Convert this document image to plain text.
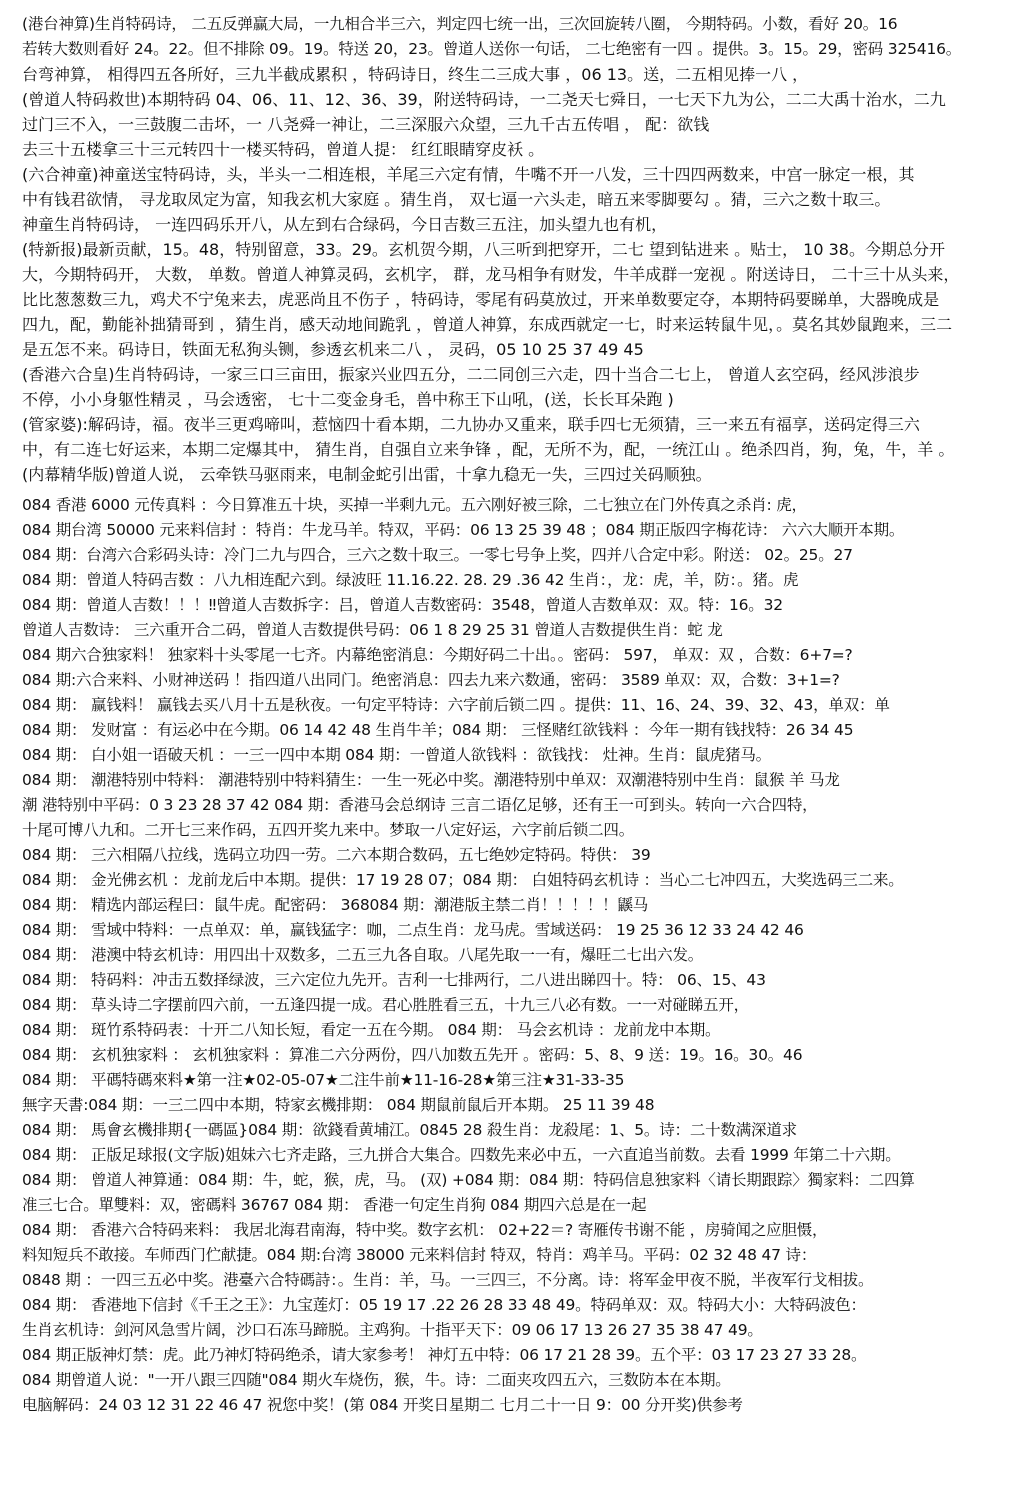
(港台神算)生肖特码诗， 二五反弹赢大局，一九相合半三六，判定四七统一出，三次回旋转八圈， 今期特码。小数，看好 20。16

若转大数则看好 24。22。但不排除 09。19。特送 20，23。曾道人送你一句话， 二七绝密有一四 。提供。3。15。29，密码 325416。

台弯神算， 相得四五各所好，三九半截成累积 ，特码诗日，终生二三成大事 ，06 13。送，二五相见捧一八 ，

(曾道人特码救世)本期特码 04、06、11、12、36、39，附送特码诗，一二尧天七舜日，一七天下九为公，二二大禹十治水，二九

过门三不入，一三鼓腹二击坏，一 八尧舜一神让，二三深服六众望，三九千古五传唱 ， 配：欲钱

去三十五楼拿三十三元转四十一楼买特码，曾道人提： 红红眼睛穿皮袄 。

(六合神童)神童送宝特码诗，头，半头一二相连根，羊尾三六定有情，牛嘴不开一八发，三十四四两数来，中宫一脉定一根，其

中有钱君欲情， 寻龙取凤定为富，知我玄机大家庭 。猜生肖， 双七逼一六头走，暗五来零脚要勾 。猜，三六之数十取三。

神童生肖特码诗， 一连四码乐开八，从左到右合绿码，今日吉数三五注，加头望九也有机，

(特新报)最新贡献，15。48，特别留意，33。29。玄机贺今期，八三听到把穿开，二七 望到钻进来 。贴士， 10 38。今期总分开

大，今期特码开， 大数， 单数。曾道人神算灵码，玄机字， 群，龙马相争有财发，牛羊成群一宠视 。附送诗日， 二十三十从头来，

比比葱葱数三九，鸡犬不宁兔来去，虎恶尚且不伤子 ，特码诗，零尾有码莫放过，开来单数要定夺，本期特码要睇单，大器晚成是

四九，配，勤能补拙猜哥到 ，猜生肖，感天动地间跪乳 ，曾道人神算，东成西就定一七，时来运转鼠牛见，。莫名其妙鼠跑来，三二

是五怎不来。码诗日，铁面无私狗头铡，参透玄机来二八 ， 灵码，05 10 25 37 49 45

(香港六合皇)生肖特码诗，一家三口三亩田，振家兴业四五分，二二同创三六走，四十当合二七上， 曾道人玄空码，经风涉浪步

不停，小小身躯性精灵 ，马会透密， 七十二变金身毛，兽中称王下山吼，(送，长长耳朵跑 )

(管家婆):解码诗，福。夜半三更鸡啼叫，惹恼四十看本期，二九协办又重来，联手四七无须猜，三一来五有福享，送码定得三六

中，有二连七好运来，本期二定爆其中， 猜生肖，自强自立来争锋 ，配，无所不为，配，一统江山 。绝杀四肖，狗，兔，牛，羊 。

(内幕精华版)曾道人说， 云牵铁马驱雨来，电制金蛇引出雷，十拿九稳无一失，三四过关码顺独。

084 香港 6000 元传真料 ：今日算准五十块，买掉一半剩九元。五六刚好被三除，二七独立在门外传真之杀肖: 虎，

084 期台湾 50000 元来料信封 ：特肖：牛龙马羊。特双，平码：06 13 25 39 48 ；084 期正版四字梅花诗： 六六大顺开本期。

084 期：台湾六合彩码头诗：冷门二九与四合，三六之数十取三。一零七号争上奖，四并八合定中彩。附送： 02。25。27

084 期：曾道人特码吉数 ：八九相连配六到。绿波旺 11.16.22. 28. 29 .36 42 生肖：，龙：虎，羊，防：。猪。虎

084 期：曾道人吉数！！！‼曾道人吉数拆字：吕，曾道人吉数密码：3548，曾道人吉数单双：双。特：16。32

曾道人吉数诗： 三六重开合二码，曾道人吉数提供号码：06 1 8 29 25 31 曾道人吉数提供生肖：蛇 龙

084 期六合独家料！ 独家料十头零尾一七齐。内幕绝密消息：今期好码二十出。。密码： 597， 单双：双 ，合数：6+7=?

084 期:六合来料、小财神送码 ！指四道八出同门。绝密消息：四去九来六数通，密码： 3589 单双：双，合数：3+1=?

084 期： 赢钱料！ 赢钱去买八月十五是秋夜。一句定平特诗：六字前后锁二四 。提供：11、16、24、39、32、43，单双：单

084 期： 发财富 ：有运必中在今期。06 14 42 48 生肖牛羊；084 期： 三怪赌红欲钱料 ：今年一期有钱找特：26 34 45

084 期： 白小姐一语破天机 ：一三一四中本期 084 期：一曾道人欲钱料 ：欲钱找： 灶神。生肖：鼠虎猪马。

084 期： 潮港特别中特料： 潮港特别中特料猜生：一生一死必中奖。潮港特别中单双：双潮港特别中生肖：鼠猴 羊 马龙

潮 港特别中平码：0 3 23 28 37 42 084 期：香港马会总纲诗 三言二语亿足够，还有王一可到头。转向一六合四特，

十尾可博八九和。二开七三来作码，五四开奖九来中。梦取一八定好运，六字前后锁二四。

084 期： 三六相隔八拉线，选码立功四一劳。二六本期合数码，五七绝妙定特码。特供： 39

084 期： 金光佛玄机 ：龙前龙后中本期。提供：17 19 28 07；084 期： 白姐特码玄机诗 ：当心二七冲四五，大奖选码三二来。

084 期： 精选内部运程曰：鼠牛虎。配密码： 368084 期：潮港版主禁二肖！！！！！鼷马

084 期： 雪域中特料：一点单双：单，赢钱猛字：咖，二点生肖：龙马虎。雪域送码： 19 25 36 12 33 24 42 46

084 期： 港澳中特玄机诗：用四出十双数多，二五三九各自取。八尾先取一一有，爆旺二七出六发。

084 期： 特码料：冲击五数择绿波，三六定位九先开。吉利一七排两行，二八进出睇四十。特： 06、15、43

084 期： 草头诗二字摆前四六前，一五逢四提一成。君心胜胜看三五，十九三八必有数。一一对碰睇五开，

084 期： 斑竹系特码表：十开二八知长短，看定一五在今期。 084 期： 马会玄机诗 ：龙前龙中本期。

084 期： 玄机独家料 ： 玄机独家料 ：算准二六分两份，四八加数五先开 。密码：5、8、9 送：19。16。30。46

084 期： 平碼特碼來料★第一注★02-05-07★二注牛前★11-16-28★第三注★31-33-35

無字天書:084 期：一三二四中本期，特家玄機排期： 084 期鼠前鼠后开本期。 25 11 39 48

084 期： 馬會玄機排期{一碼區}084 期：欲錢看黄埔江。0845 28 殺生肖：龙殺尾：1、5。诗：二十数满深道求

084 期： 正版足球报(文字版)姐妹六七齐走路，三九拼合大集合。四数先来必中五，一六直追当前数。去看 1999 年第二十六期。

084 期： 曾道人神算通：084 期：牛，蛇，猴，虎，马。 (双) +084 期：084 期：特码信息独家料〈请长期跟踪〉獨家料：二四算

准三七合。單雙料：双，密碼料 36767 084 期： 香港一句定生肖狗 084 期四六总是在一起

084 期： 香港六合特码来料： 我居北海君南海，特中奖。数字玄机： 02+22＝? 寄雁传书谢不能 ，房骑闻之应胆慑，

料知短兵不敢接。车师西门伫献捷。084 期:台湾 38000 元来料信封 特双，特肖：鸡羊马。平码：02 32 48 47 诗：

0848 期 ：一四三五必中奖。港臺六合特碼詩：。生肖：羊，马。一三四三，不分离。诗：将军金甲夜不脱，半夜军行戈相拔。

084 期： 香港地下信封《千王之王》：九宝莲灯：05 19 17 .22 26 28 33 48 49。特码单双：双。特码大小：大特码波色：

生肖玄机诗：剑河风急雪片阔，沙口石冻马蹄脱。主鸡狗。十指平天下：09 06 17 13 26 27 35 38 47 49。

084 期正版神灯禁：虎。此乃神灯特码绝杀，请大家参考！ 神灯五中特：06 17 21 28 39。五个平：03 17 23 27 33 28。

084 期曾道人说："一开八跟三四随"084 期火车烧伤，猴，牛。诗：二面夹攻四五六，三数防本在本期。

电脑解码：24 03 12 31 22 46 47 祝您中奖！(第 084 开奖日星期二 七月二十一日 9：00 分开奖)供参考
